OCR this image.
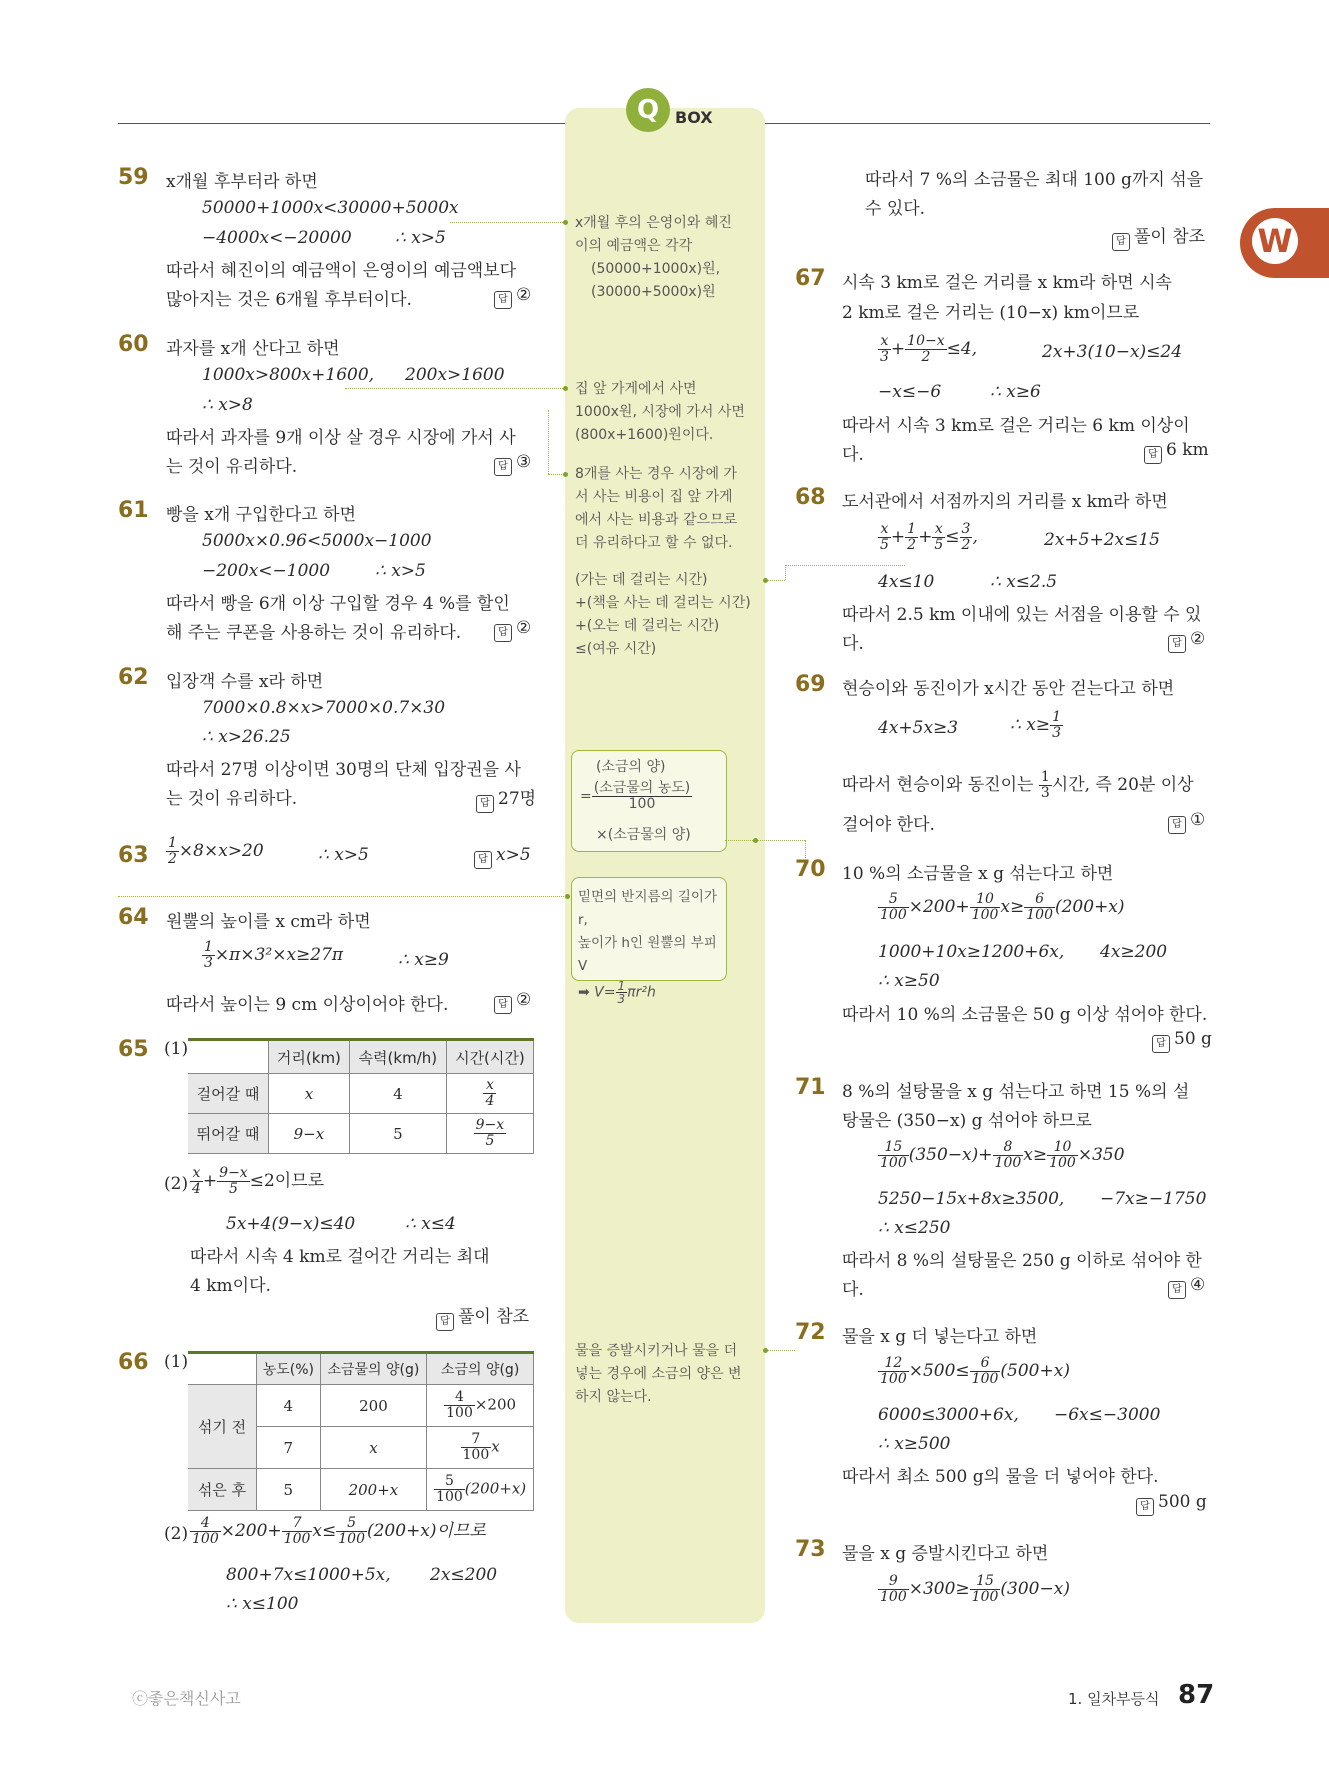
Q BOX
W
59 x개월 후부터라 하면
50000+1000x<30000+5000x
−4000x<−20000	∴ x>5
따라서 혜진이의 예금액이 은영이의 예금액보다
많아지는 것은 6개월 후부터이다.	답 ②
60 과자를 x개 산다고 하면
1000x>800x+1600, 200x>1600
∴ x>8
따라서 과자를 9개 이상 살 경우 시장에 가서 사
는 것이 유리하다.	답 ③
61 빵을 x개 구입한다고 하면
5000x×0.96<5000x−1000
−200x<−1000	∴ x>5
따라서 빵을 6개 이상 구입할 경우 4 %를 할인
해 주는 쿠폰을 사용하는 것이 유리하다.	답 ②
62 입장객 수를 x라 하면
7000×0.8×x>7000×0.7×30
∴ x>26.25
따라서 27명 이상이면 30명의 단체 입장권을 사
는 것이 유리하다.	답 27명
$63 \frac{1}{2} \times 8\times x>20$	∴ x>5	답 x>5
64 원뿔의 높이를 x cm라 하면
$\frac{1}{3} \times\pi\times 3^2\times x\ge 27\pi$	∴ x≥9
따라서 높이는 9 cm 이상이어야 한다.	답 ②
65 (1)
		거리(km)	속력(km/h)	시간(시간)
걸어갈 때	x	4	$\frac{x}{4}$

뛰어갈 때	9−x	5	$\frac{9-x}{5}$
$(2) \frac{x}{4} + \frac{9-x}{5} \le 2$이므로
5x+4(9−x)≤40	∴ x≤4
따라서 시속 4 km로 걸어간 거리는 최대
4 km이다.
답 풀이 참조
66 (1)
		농도(%)	소금물의 양(g)	소금의 양(g)
섞기 전	4	200	$\frac{4}{100} \times 200$
	7	x	$\frac{7}{100}$ x
섞은 후	5	200+x	$\frac{5}{100} (200+x)$
$(2) \frac{4}{100} \times 200+ \frac{7}{100} x\le \frac{5}{100} (200+x)$이므로
800+7x≤1000+5x, 2x≤200
∴ x≤100
x개월 후의 은영이와 혜진
이의 예금액은 각각
(50000+1000x)원,
(30000+5000x)원
집 앞 가게에서 사면
1000x원, 시장에 가서 사면
(800x+1600)원이다.
8개를 사는 경우 시장에 가
서 사는 비용이 집 앞 가게
에서 사는 비용과 같으므로
더 유리하다고 할 수 없다.
(가는 데 걸리는 시간)
+(책을 사는 데 걸리는 시간)
+(오는 데 걸리는 시간)
≤(여유 시간)
(소금의 양)
= $\frac{\text{(소금물의 농도)}}{100}$
×(소금물의 양)
밑면의 반지름의 길이가 r,
높이가 h인 원뿔의 부피 V
➡ $V= \frac{1}{3} \pi r^2h$
물을 증발시키거나 물을 더
넣는 경우에 소금의 양은 변
하지 않는다.
따라서 7 %의 소금물은 최대 100 g까지 섞을
수 있다.
답 풀이 참조
67 시속 3 km로 걸은 거리를 x km라 하면 시속
2 km로 걸은 거리는 (10−x) km이므로
$\frac{x}{3} + \frac{10-x}{2} \le 4$,	2x+3(10−x)≤24
−x≤−6	∴ x≥6
따라서 시속 3 km로 걸은 거리는 6 km 이상이
다.	답 6 km
68 도서관에서 서점까지의 거리를 x km라 하면
$\frac{x}{5} + \frac{1}{2} + \frac{x}{5} \le \frac{3}{2}$ ,	2x+5+2x≤15
4x≤10	∴ x≤2.5
따라서 2.5 km 이내에 있는 서점을 이용할 수 있
다.	답 ②
69 현승이와 동진이가 x시간 동안 걷는다고 하면
4x+5x≥3	∴ $x\ge \frac{1}{3}$
따라서 현승이와 동진이는 $\frac{1}{3}$ 시간, 즉 20분 이상
걸어야 한다.	답 ①
70 10 %의 소금물을 x g 섞는다고 하면
$\frac{5}{100} \times 200+ \frac{10}{100} x\ge \frac{6}{100} (200+x)$
1000+10x≥1200+6x, 4x≥200
∴ x≥50
따라서 10 %의 소금물은 50 g 이상 섞어야 한다.
답 50 g
71 8 %의 설탕물을 x g 섞는다고 하면 15 %의 설
탕물은 (350−x) g 섞어야 하므로
$\frac{15}{100} (350-x)+ \frac{8}{100} x\ge \frac{10}{100} \times 350$
5250−15x+8x≥3500, −7x≥−1750
∴ x≤250
따라서 8 %의 설탕물은 250 g 이하로 섞어야 한
다.	답 ④
72 물을 x g 더 넣는다고 하면
$\frac{12}{100} \times 500\le \frac{6}{100} (500+x)$
6000≤3000+6x, −6x≤−3000
∴ x≥500
따라서 최소 500 g의 물을 더 넣어야 한다.
답 500 g
73 물을 x g 증발시킨다고 하면
$\frac{9}{100} \times 300\ge \frac{15}{100} (300-x)$
ⓒ좋은책신사고	1. 일차부등식 87
